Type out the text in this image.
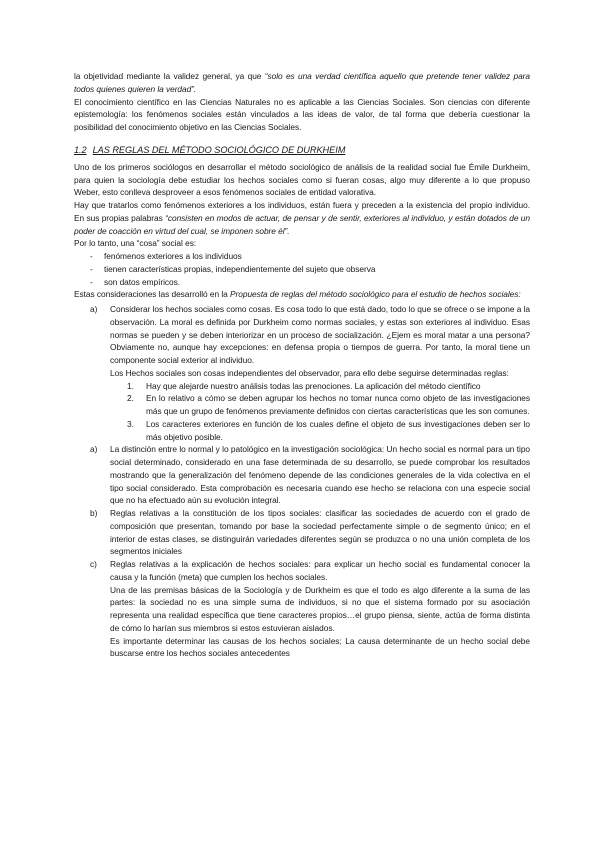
la objetividad mediante la validez general, ya que “solo es una verdad científica aquello que pretende tener validez para todos quienes quieren la verdad”.

El conocimiento científico en las Ciencias Naturales no es aplicable a las Ciencias Sociales. Son ciencias con diferente epistemología: los fenómenos sociales están vinculados a las ideas de valor, de tal forma que debería cuestionar la posibilidad del conocimiento objetivo en las Ciencias Sociales.

1.2 LAS REGLAS DEL MÉTODO SOCIOLÓGICO DE DURKHEIM

Uno de los primeros sociólogos en desarrollar el método sociológico de análisis de la realidad social fue Émile Durkheim, para quien la sociología debe estudiar los hechos sociales como si fueran cosas, algo muy diferente a lo que propuso Weber, esto conlleva desproveer a esos fenómenos sociales de entidad valorativa.

Hay que tratarlos como fenómenos exteriores a los individuos, están fuera y preceden a la existencia del propio individuo. En sus propias palabras “consisten en modos de actuar, de pensar y de sentir, exteriores al individuo, y están dotados de un poder de coacción en virtud del cual, se imponen sobre él”.

Por lo tanto, una “cosa” social es:

- fenómenos exteriores a los individuos
- tienen características propias, independientemente del sujeto que observa
- son datos empíricos.

Estas consideraciones las desarrolló en la Propuesta de reglas del método sociológico para el estudio de hechos sociales:

a) Considerar los hechos sociales como cosas. Es cosa todo lo que está dado, todo lo que se ofrece o se impone a la observación. La moral es definida por Durkheim como normas sociales, y estas son exteriores al individuo. Esas normas se pueden y se deben interiorizar en un proceso de socialización. ¿Ejem es moral matar a una persona? Obviamente no, aunque hay excepciones: en defensa propia o tiempos de guerra. Por tanto, la moral tiene un componente social exterior al individuo.

Los Hechos sociales son cosas independientes del observador, para ello debe seguirse determinadas reglas:

1. Hay que alejarde nuestro análisis todas las prenociones. La aplicación del método científico
2. En lo relativo a cómo se deben agrupar los hechos no tomar nunca como objeto de las investigaciones más que un grupo de fenómenos previamente definidos con ciertas características que les son comunes.
3. Los caracteres exteriores en función de los cuales define el objeto de sus investigaciones deben ser lo más objetivo posible.
a) La distinción entre lo normal y lo patológico en la investigación sociológica: Un hecho social es normal para un tipo social determinado, considerado en una fase determinada de su desarrollo, se puede comprobar los resultados mostrando que la generalización del fenómeno depende de las condiciones generales de la vida colectiva en el tipo social considerado. Esta comprobación es necesaria cuando ese hecho se relaciona con una especie social que no ha efectuado aún su evolución integral.

b) Reglas relativas a la constitución de los tipos sociales: clasificar las sociedades de acuerdo con el grado de composición que presentan, tomando por base la sociedad perfectamente simple o de segmento único; en el interior de estas clases, se distinguirán variedades diferentes según se produzca o no una unión completa de los segmentos iniciales

c) Reglas relativas a la explicación de hechos sociales: para explicar un hecho social es fundamental conocer la causa y la función (meta) que cumplen los hechos sociales.

Una de las premisas básicas de la Sociología y de Durkheim es que el todo es algo diferente a la suma de las partes: la sociedad no es una simple suma de individuos, si no que el sistema formado por su asociación representa una realidad específica que tiene caracteres propios…el grupo piensa, siente, actúa de forma distinta de cómo lo harían sus miembros si estos estuvieran aislados.

Es importante determinar las causas de los hechos sociales; La causa determinante de un hecho social debe buscarse entre los hechos sociales antecedentes
